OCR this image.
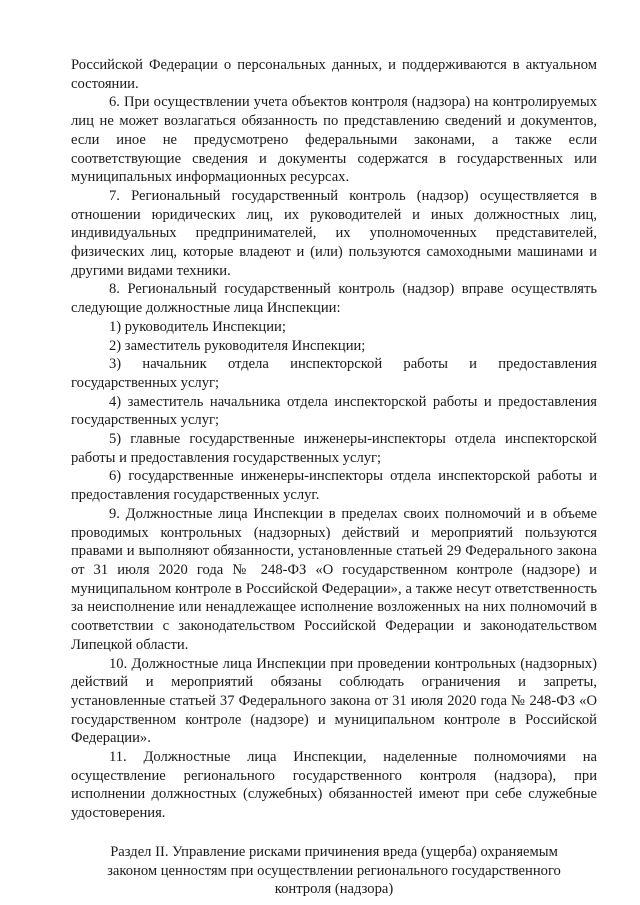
Российской Федерации о персональных данных, и поддерживаются в актуальном состоянии.

6. При осуществлении учета объектов контроля (надзора) на контролируемых лиц не может возлагаться обязанность по представлению сведений и документов, если иное не предусмотрено федеральными законами, а также если соответствующие сведения и документы содержатся в государственных или муниципальных информационных ресурсах.

7. Региональный государственный контроль (надзор) осуществляется в отношении юридических лиц, их руководителей и иных должностных лиц, индивидуальных предпринимателей, их уполномоченных представителей, физических лиц, которые владеют и (или) пользуются самоходными машинами и другими видами техники.

8. Региональный государственный контроль (надзор) вправе осуществлять следующие должностные лица Инспекции:

1) руководитель Инспекции;

2) заместитель руководителя Инспекции;

3) начальник отдела инспекторской работы и предоставления государственных услуг;

4) заместитель начальника отдела инспекторской работы и предоставления государственных услуг;

5) главные государственные инженеры-инспекторы отдела инспекторской работы и предоставления государственных услуг;

6) государственные инженеры-инспекторы отдела инспекторской работы и предоставления государственных услуг.

9. Должностные лица Инспекции в пределах своих полномочий и в объеме проводимых контрольных (надзорных) действий и мероприятий пользуются правами и выполняют обязанности, установленные статьей 29 Федерального закона от 31 июля 2020 года № 248-ФЗ «О государственном контроле (надзоре) и муниципальном контроле в Российской Федерации», а также несут ответственность за неисполнение или ненадлежащее исполнение возложенных на них полномочий в соответствии с законодательством Российской Федерации и законодательством Липецкой области.

10. Должностные лица Инспекции при проведении контрольных (надзорных) действий и мероприятий обязаны соблюдать ограничения и запреты, установленные статьей 37 Федерального закона от 31 июля 2020 года № 248-ФЗ «О государственном контроле (надзоре) и муниципальном контроле в Российской Федерации».

11. Должностные лица Инспекции, наделенные полномочиями на осуществление регионального государственного контроля (надзора), при исполнении должностных (служебных) обязанностей имеют при себе служебные удостоверения.

Раздел II. Управление рисками причинения вреда (ущерба) охраняемым законом ценностям при осуществлении регионального государственного контроля (надзора)
